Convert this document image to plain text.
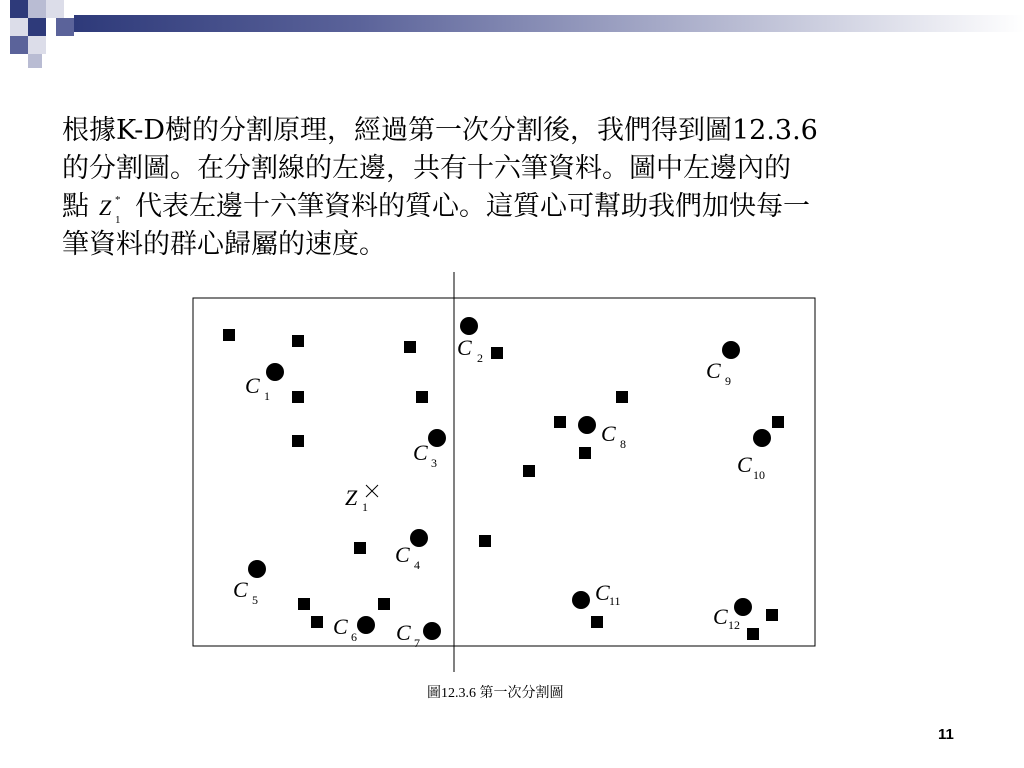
根據K-D樹的分割原理，經過第一次分割後，我們得到圖12.3.6
的分割圖。在分割線的左邊，共有十六筆資料。圖中左邊內的
點 Z *
1 代表左邊十六筆資料的質心。這質心可幫助我們加快每一
筆資料的群心歸屬的速度。
C 1
C 2
C 3
C 4
C 5
C 6 C 7
C 8
C 9
C 10
C 11
C 12
Z 1
圖12.3.6 第一次分割圖
11
